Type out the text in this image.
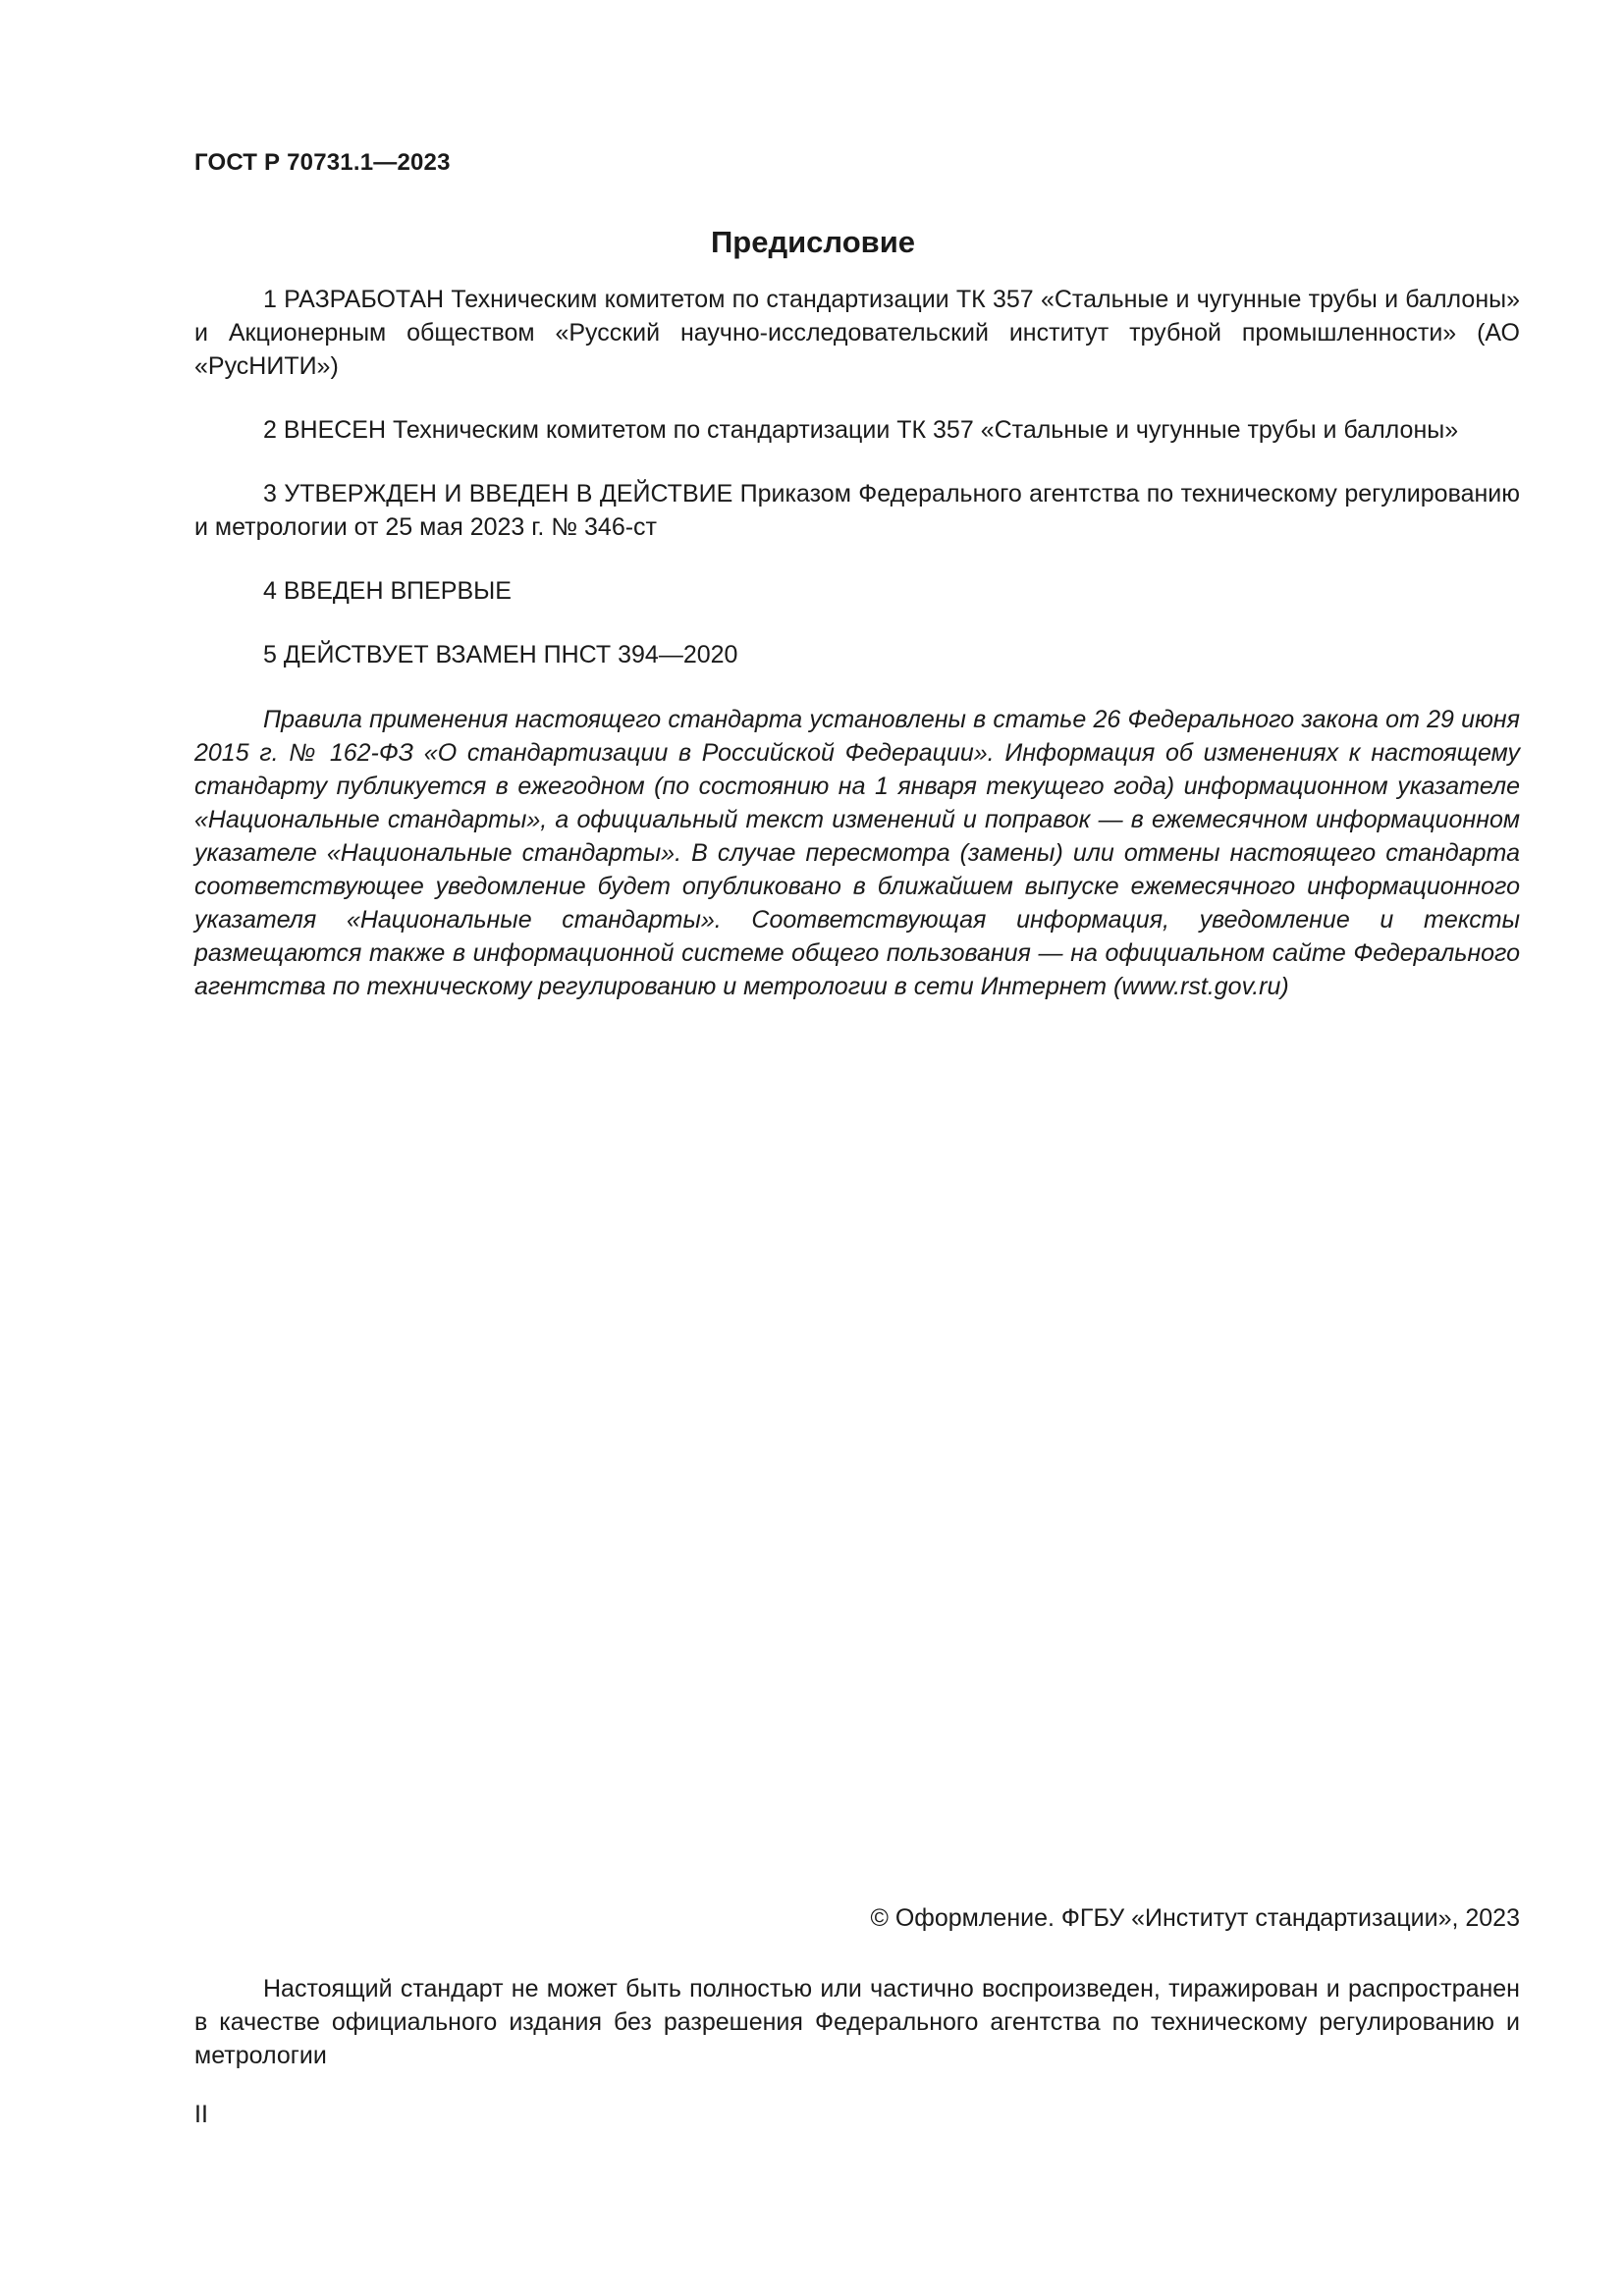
ГОСТ Р 70731.1—2023
Предисловие

1 РАЗРАБОТАН Техническим комитетом по стандартизации ТК 357 «Стальные и чугунные трубы и баллоны» и Акционерным обществом «Русский научно-исследовательский институт трубной промышленности» (АО «РусНИТИ»)

2 ВНЕСЕН Техническим комитетом по стандартизации ТК 357 «Стальные и чугунные трубы и баллоны»

3 УТВЕРЖДЕН И ВВЕДЕН В ДЕЙСТВИЕ Приказом Федерального агентства по техническому регулированию и метрологии от 25 мая 2023 г. № 346-ст

4 ВВЕДЕН ВПЕРВЫЕ

5 ДЕЙСТВУЕТ ВЗАМЕН ПНСТ 394—2020

Правила применения настоящего стандарта установлены в статье 26 Федерального закона от 29 июня 2015 г. № 162-ФЗ «О стандартизации в Российской Федерации». Информация об изменениях к настоящему стандарту публикуется в ежегодном (по состоянию на 1 января текущего года) информационном указателе «Национальные стандарты», а официальный текст изменений и поправок — в ежемесячном информационном указателе «Национальные стандарты». В случае пересмотра (замены) или отмены настоящего стандарта соответствующее уведомление будет опубликовано в ближайшем выпуске ежемесячного информационного указателя «Национальные стандарты». Соответствующая информация, уведомление и тексты размещаются также в информационной системе общего пользования — на официальном сайте Федерального агентства по техническому регулированию и метрологии в сети Интернет (www.rst.gov.ru)

© Оформление. ФГБУ «Институт стандартизации», 2023

Настоящий стандарт не может быть полностью или частично воспроизведен, тиражирован и распространен в качестве официального издания без разрешения Федерального агентства по техническому регулированию и метрологии

II
